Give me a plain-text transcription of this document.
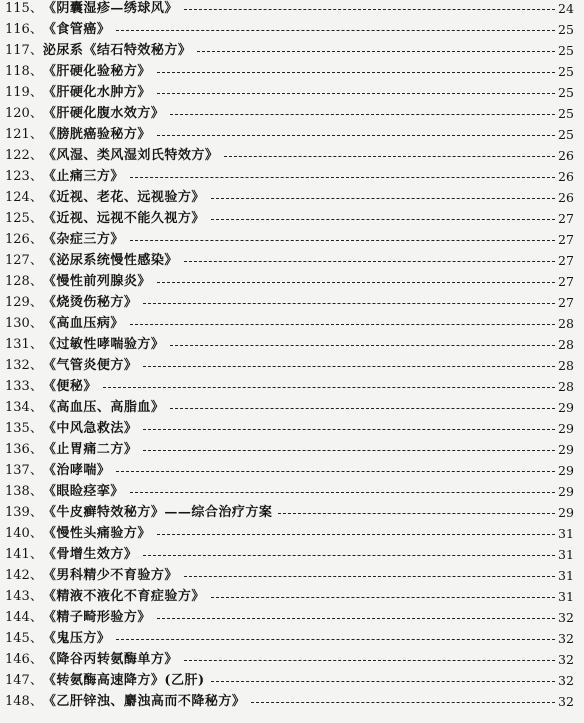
115、 《阴囊湿疹—绣球风》	24
116、 《食管癌》	25
117、 泌尿系《结石特效秘方》	25
118、 《肝硬化验秘方》	25
119、 《肝硬化水肿方》	25
120、 《肝硬化腹水效方》	25
121、 《膀胱癌验秘方》	25
122、 《风湿、类风湿刘氏特效方》	26
123、 《止痛三方》	26
124、 《近视、老花、远视验方》	26
125、 《近视、远视不能久视方》	27
126、 《杂症三方》	27
127、 《泌尿系统慢性感染》	27
128、 《慢性前列腺炎》	27
129、 《烧烫伤秘方》	27
130、 《高血压病》	28
131、 《过敏性哮喘验方》	28
132、 《气管炎便方》	28
133、 《便秘》	28
134、 《高血压、高脂血》	29
135、 《中风急救法》	29
136、 《止胃痛二方》	29
137、 《治哮喘》	29
138、 《眼睑痉挛》	29
139、 《牛皮癣特效秘方》——综合治疗方案	29
140、 《慢性头痛验方》	31
141、 《骨增生效方》	31
142、 《男科精少不育验方》	31
143、 《精液不液化不育症验方》	31
144、 《精子畸形验方》	32
145、 《鬼压方》	32
146、 《降谷丙转氨酶单方》	32
147、 《转氨酶高速降方》(乙肝)	32
148、 《乙肝锌浊、麝浊高而不降秘方》	32
